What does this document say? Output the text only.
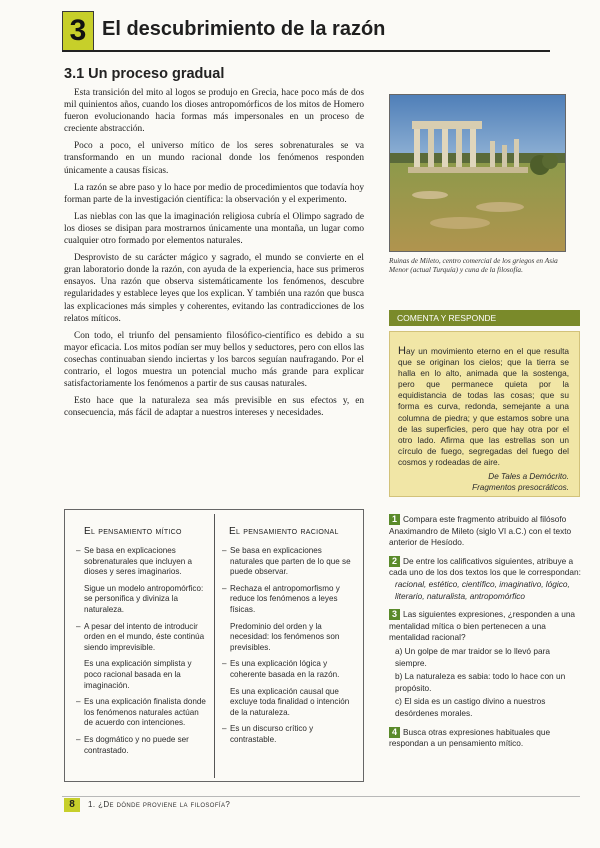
3 El descubrimiento de la razón
3.1 Un proceso gradual

Esta transición del mito al logos se produjo en Grecia, hace poco más de dos mil quinientos años, cuando los dioses antropomórficos de los mitos de Homero fueron evolucionando hacia formas más impersonales en un proceso de creciente abstracción.

Poco a poco, el universo mítico de los seres sobrenaturales se va transformando en un mundo racional donde los fenómenos responden únicamente a causas físicas.

La razón se abre paso y lo hace por medio de procedimientos que todavía hoy forman parte de la investigación científica: la observación y el experimento.

Las nieblas con las que la imaginación religiosa cubría el Olimpo sagrado de los dioses se disipan para mostrarnos únicamente una montaña, un lugar como cualquier otro formado por elementos naturales.

Desprovisto de su carácter mágico y sagrado, el mundo se convierte en el gran laboratorio donde la razón, con ayuda de la experiencia, hace sus primeros ensayos. Una razón que observa sistemáticamente los fenómenos, descubre regularidades y establece leyes que los explican. Y también una razón que busca las explicaciones más simples y coherentes, evitando las contradicciones de los relatos míticos.

Con todo, el triunfo del pensamiento filosófico-científico es debido a su mayor eficacia. Los mitos podían ser muy bellos y seductores, pero con ellos las cosechas continuaban siendo inciertas y los barcos seguían naufragando. Por el contrario, el logos muestra un potencial mucho más grande para explicar satisfactoriamente los fenómenos a partir de sus causas naturales.

Esto hace que la naturaleza sea más previsible en sus efectos y, en consecuencia, más fácil de adaptar a nuestros intereses y necesidades.

Ruinas de Mileto, centro comercial de los griegos en Asia Menor (actual Turquía) y cuna de la filosofía.
COMENTA Y RESPONDE
Hay un movimiento eterno en el que resulta que se originan los cielos; que la tierra se halla en lo alto, animada que la sostenga, pero que permanece quieta por la equidistancia de todas las cosas; que su forma es curva, redonda, semejante a una columna de piedra; y que estamos sobre una de las superficies, pero que hay otra por el otro lado. Afirma que las estrellas son un círculo de fuego, segregadas del fuego del cosmos y rodeadas de aire.
De Tales a Demócrito.
Fragmentos presocráticos.
1 Compara este fragmento atribuido al filósofo Anaximandro de Mileto (siglo VI a.C.) con el texto anterior de Hesíodo.
2 De entre los calificativos siguientes, atribuye a cada uno de los dos textos los que le correspondan:
racional, estético, científico, imaginativo, lógico, literario, naturalista, antropomórfico
3 Las siguientes expresiones, ¿responden a una mentalidad mítica o bien pertenecen a una mentalidad racional?
a) Un golpe de mar traidor se lo llevó para siempre.
b) La naturaleza es sabia: todo lo hace con un propósito.
c) El sida es un castigo divino a nuestros desórdenes morales.
4 Busca otras expresiones habituales que respondan a un pensamiento mítico.
El pensamiento mítico	El pensamiento racional
– Se basa en explicaciones sobrenaturales que incluyen a dioses y seres imaginarios.
Sigue un modelo antropomórfico: se personifica y diviniza la naturaleza.
– A pesar del intento de introducir orden en el mundo, éste continúa siendo imprevisible.
Es una explicación simplista y poco racional basada en la imaginación.
– Es una explicación finalista donde los fenómenos naturales actúan de acuerdo con intenciones.
– Es dogmático y no puede ser contrastado.
– Se basa en explicaciones naturales que parten de lo que se puede observar.
– Rechaza el antropomorfismo y reduce los fenómenos a leyes físicas.
Predominio del orden y la necesidad: los fenómenos son previsibles.
– Es una explicación lógica y coherente basada en la razón.
Es una explicación causal que excluye toda finalidad o intención de la naturaleza.
– Es un discurso crítico y contrastable.
8	1. ¿De dónde proviene la filosofía?
